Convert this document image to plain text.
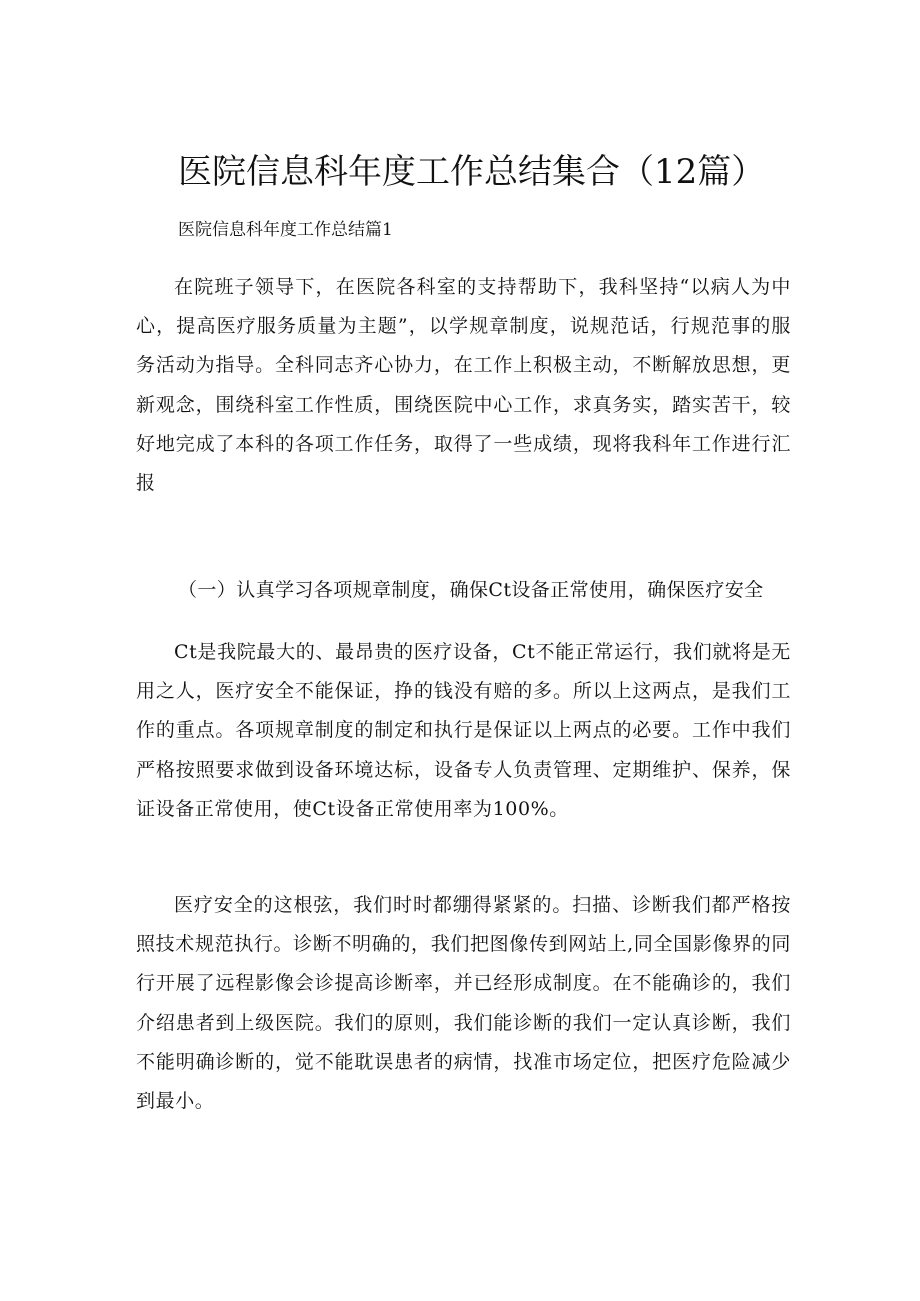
医院信息科年度工作总结集合（12篇）
医院信息科年度工作总结篇1

在院班子领导下，在医院各科室的支持帮助下，我科坚持“以病人为中心，提高医疗服务质量为主题”，以学规章制度，说规范话，行规范事的服务活动为指导。全科同志齐心协力，在工作上积极主动，不断解放思想，更新观念，围绕科室工作性质，围绕医院中心工作，求真务实，踏实苦干，较好地完成了本科的各项工作任务，取得了一些成绩，现将我科年工作进行汇报

（一）认真学习各项规章制度，确保Ct设备正常使用，确保医疗安全

Ct是我院最大的、最昂贵的医疗设备，Ct不能正常运行，我们就将是无用之人，医疗安全不能保证，挣的钱没有赔的多。所以上这两点，是我们工作的重点。各项规章制度的制定和执行是保证以上两点的必要。工作中我们严格按照要求做到设备环境达标，设备专人负责管理、定期维护、保养，保证设备正常使用，使Ct设备正常使用率为100%。

医疗安全的这根弦，我们时时都绷得紧紧的。扫描、诊断我们都严格按照技术规范执行。诊断不明确的，我们把图像传到网站上,同全国影像界的同行开展了远程影像会诊提高诊断率，并已经形成制度。在不能确诊的，我们介绍患者到上级医院。我们的原则，我们能诊断的我们一定认真诊断，我们不能明确诊断的，觉不能耽误患者的病情，找准市场定位，把医疗危险减少到最小。
